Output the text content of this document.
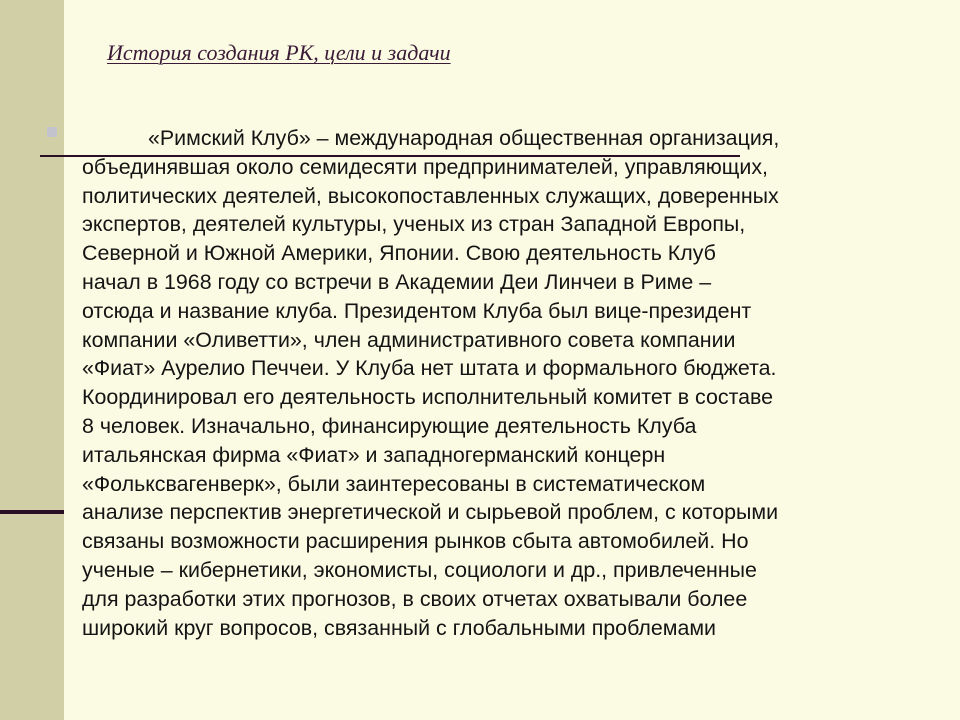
История создания РК, цели и задачи

«Римский Клуб» – международная общественная организация,
объединявшая около семидесяти предпринимателей, управляющих,
политических деятелей, высокопоставленных служащих, доверенных
экспертов, деятелей культуры, ученых из стран Западной Европы,
Северной и Южной Америки, Японии. Свою деятельность Клуб
начал в 1968 году со встречи в Академии Деи Линчеи в Риме –
отсюда и название клуба. Президентом Клуба был вице-президент
компании «Оливетти», член административного совета компании
«Фиат» Аурелио Печчеи. У Клуба нет штата и формального бюджета.
Координировал его деятельность исполнительный комитет в составе
8 человек. Изначально, финансирующие деятельность Клуба
итальянская фирма «Фиат» и западногерманский концерн
«Фольксвагенверк», были заинтересованы в систематическом
анализе перспектив энергетической и сырьевой проблем, с которыми
связаны возможности расширения рынков сбыта автомобилей. Но
ученые – кибернетики, экономисты, социологи и др., привлеченные
для разработки этих прогнозов, в своих отчетах охватывали более
широкий круг вопросов, связанный с глобальными проблемами
